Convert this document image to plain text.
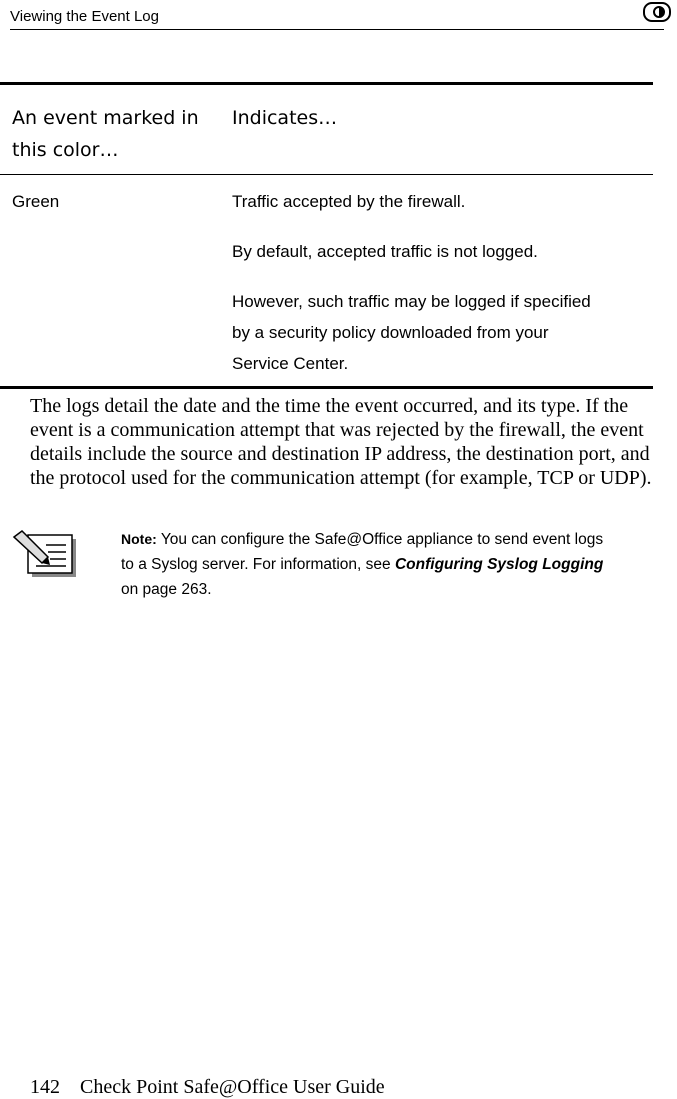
Viewing the Event Log
An event marked in
this color…
Indicates…
Green	Traffic accepted by the firewall.
By default, accepted traffic is not logged.
However, such traffic may be logged if specified
by a security policy downloaded from your
Service Center.
The logs detail the date and the time the event occurred, and its type. If the
event is a communication attempt that was rejected by the firewall, the event
details include the source and destination IP address, the destination port, and
the protocol used for the communication attempt (for example, TCP or UDP).
Note: You can configure the Safe@Office appliance to send event logs
to a Syslog server. For information, see Configuring Syslog Logging
on page 263.
142 Check Point Safe@Office User Guide
